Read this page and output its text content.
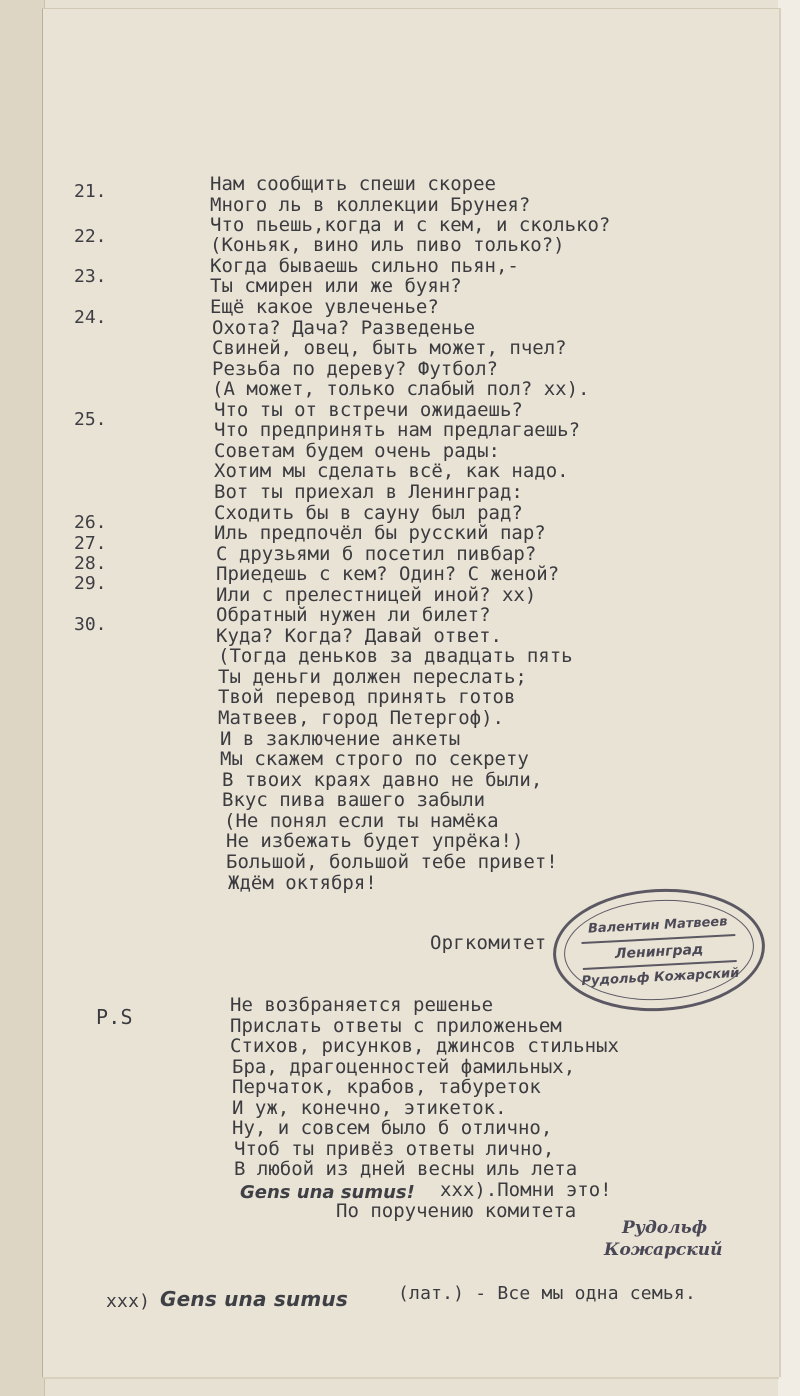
21.
22.
23.
24.
25.
26.
27.
28.
29.
30.
Нам сообщить спеши скорее
Много ль в коллекции Брунея?
Что пьешь,когда и с кем, и сколько?
(Коньяк, вино иль пиво только?)
Когда бываешь сильно пьян,-
Ты смирен или же буян?
Ещё какое увлеченье?
Охота? Дача? Разведенье
Свиней, овец, быть может, пчел?
Резьба по дереву? Футбол?
(А может, только слабый пол? хх).
Что ты от встречи ожидаешь?
Что предпринять нам предлагаешь?
Советам будем очень рады:
Хотим мы сделать всё, как надо.
Вот ты приехал в Ленинград:
Сходить бы в сауну был рад?
Иль предпочёл бы русский пар?
С друзьями б посетил пивбар?
Приедешь с кем? Один? С женой?
Или с прелестницей иной? хх)
Обратный нужен ли билет?
Куда? Когда? Давай ответ.
(Тогда деньков за двадцать пять
Ты деньги должен переслать;
Твой перевод принять готов
Матвеев, город Петергоф).
И в заключение анкеты
Мы скажем строго по секрету
В твоих краях давно не были,
Вкус пива вашего забыли
(Не понял если ты намёка
Не избежать будет упрёка!)
Большой, большой тебе привет!
Ждём октября!
Оргкомитет
Валентин Матвеев
Ленинград
Рудольф Кожарский
P.S	Не возбраняется решенье
Прислать ответы с приложеньем
Стихов, рисунков, джинсов стильных
Бра, драгоценностей фамильных,
Перчаток, крабов, табуреток
И уж, конечно, этикеток.
Ну, и совсем было б отлично,
Чтоб ты привёз ответы лично,
В любой из дней весны иль лета
Gens una sumus! ххх).Помни это!
По поручению комитета
Рудольф
Кожарский
ххх) Gens una sumus	(лат.) - Все мы одна семья.
